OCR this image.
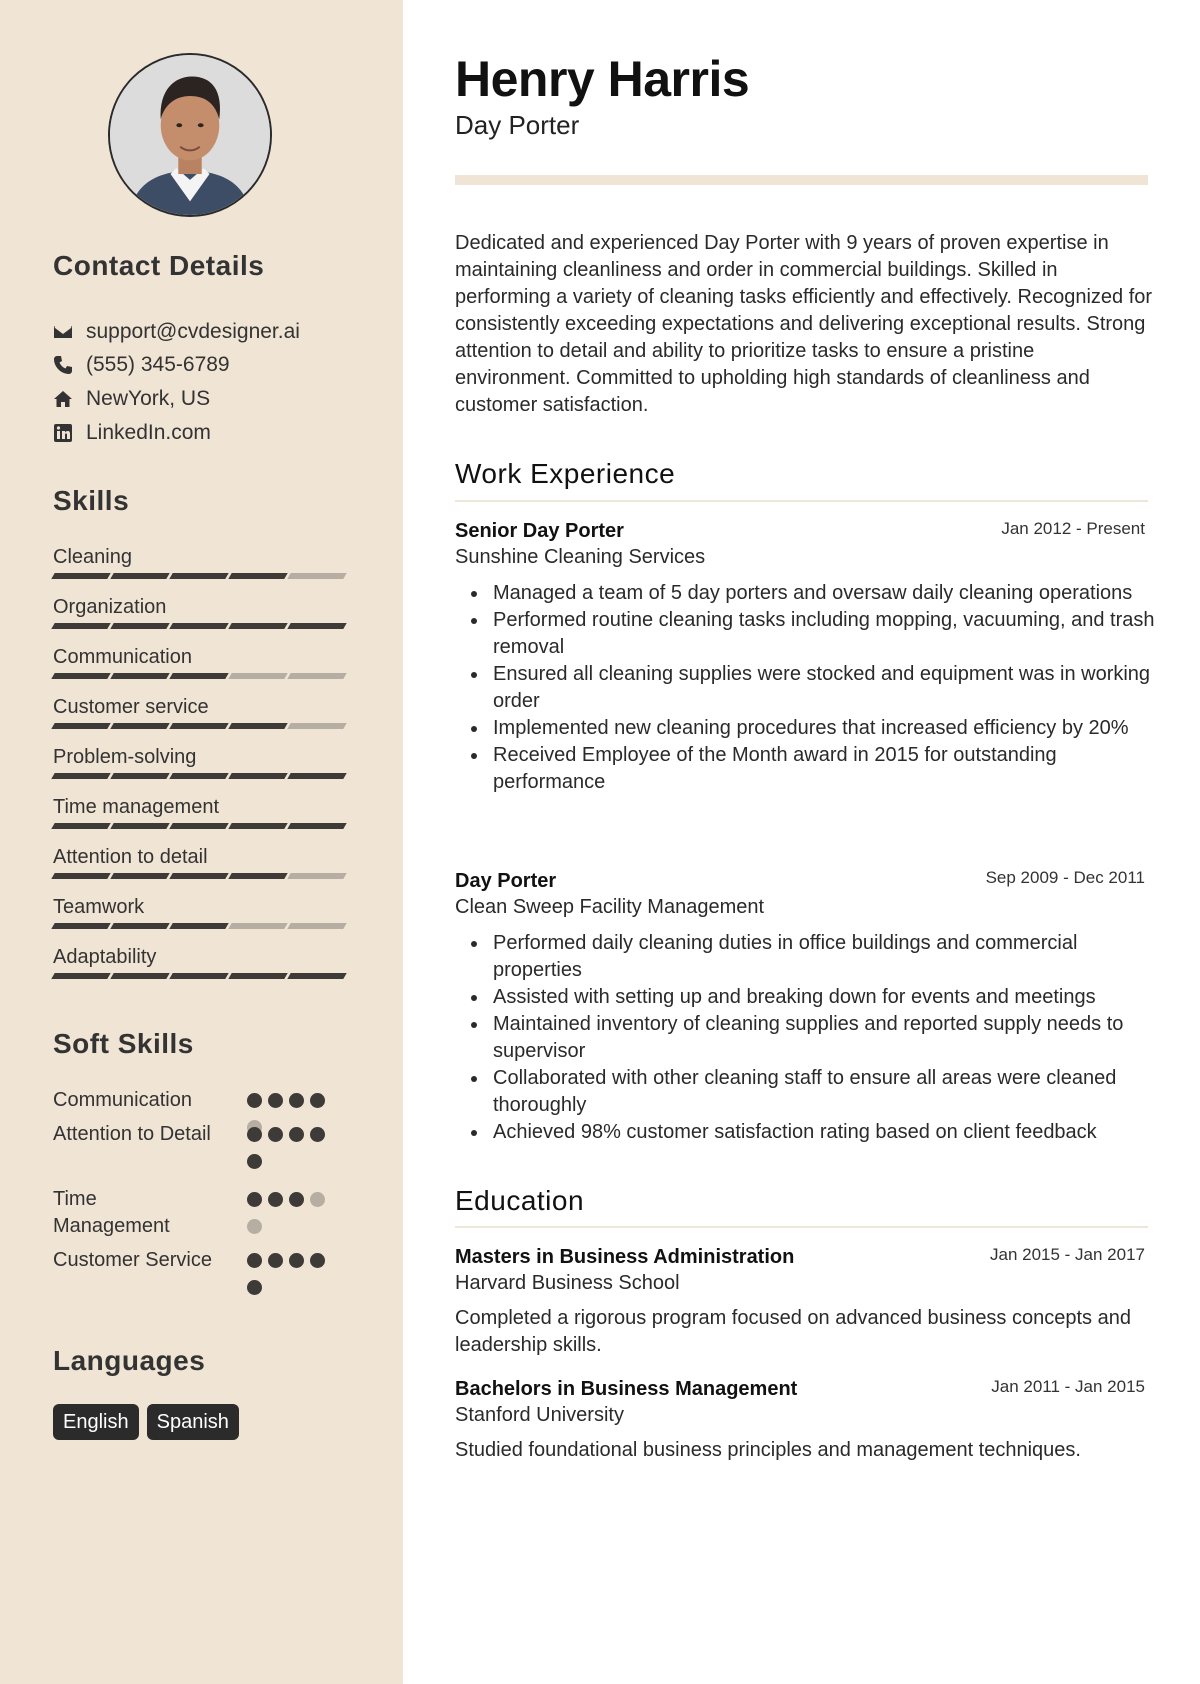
Contact Details
support@cvdesigner.ai
(555) 345-6789
NewYork, US
LinkedIn.com
Skills
Cleaning
Organization
Communication
Customer service
Problem-solving
Time management
Attention to detail
Teamwork
Adaptability
Soft Skills
Communication
Attention to Detail
Time Management
Customer Service
Languages
English	Spanish
Henry Harris
Day Porter
Dedicated and experienced Day Porter with 9 years of proven expertise in maintaining cleanliness and order in commercial buildings. Skilled in performing a variety of cleaning tasks efficiently and effectively. Recognized for consistently exceeding expectations and delivering exceptional results. Strong attention to detail and ability to prioritize tasks to ensure a pristine environment. Committed to upholding high standards of cleanliness and customer satisfaction.
Work Experience
Senior Day Porter	Jan 2012 - Present
Sunshine Cleaning Services
Managed a team of 5 day porters and oversaw daily cleaning operations
Performed routine cleaning tasks including mopping, vacuuming, and trash removal
Ensured all cleaning supplies were stocked and equipment was in working order
Implemented new cleaning procedures that increased efficiency by 20%
Received Employee of the Month award in 2015 for outstanding performance
Day Porter	Sep 2009 - Dec 2011
Clean Sweep Facility Management
Performed daily cleaning duties in office buildings and commercial properties
Assisted with setting up and breaking down for events and meetings
Maintained inventory of cleaning supplies and reported supply needs to supervisor
Collaborated with other cleaning staff to ensure all areas were cleaned thoroughly
Achieved 98% customer satisfaction rating based on client feedback
Education
Masters in Business Administration	Jan 2015 - Jan 2017
Harvard Business School
Completed a rigorous program focused on advanced business concepts and leadership skills.
Bachelors in Business Management	Jan 2011 - Jan 2015
Stanford University
Studied foundational business principles and management techniques.
